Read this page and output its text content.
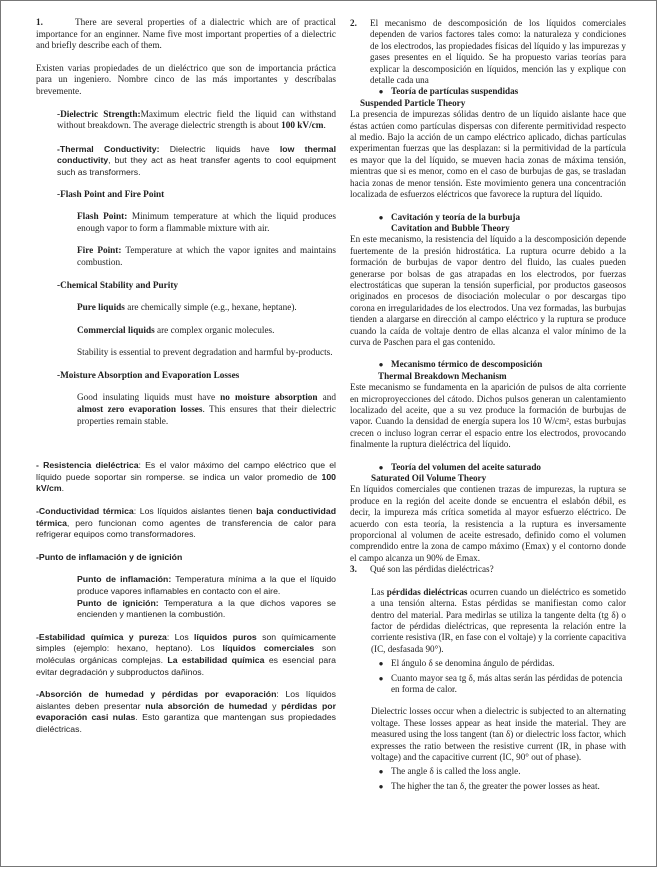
1.	There are several properties of a dialectric which are of practical importance for an enginner. Name five most important properties of a dielectric and briefly describe each of them.

Existen varias propiedades de un dieléctrico que son de importancia práctica para un ingeniero. Nombre cinco de las más importantes y descríbalas brevemente.

-Dielectric Strength:Maximum electric field the liquid can withstand without breakdown. The average dielectric strength is about 100 kV/cm.

-Thermal Conductivity: Dielectric liquids have low thermal conductivity, but they act as heat transfer agents to cool equipment such as transformers.

-Flash Point and Fire Point

Flash Point: Minimum temperature at which the liquid produces enough vapor to form a flammable mixture with air.

Fire Point: Temperature at which the vapor ignites and maintains combustion.

-Chemical Stability and Purity

Pure liquids are chemically simple (e.g., hexane, heptane).

Commercial liquids are complex organic molecules.

Stability is essential to prevent degradation and harmful by-products.

-Moisture Absorption and Evaporation Losses

Good insulating liquids must have no moisture absorption and almost zero evaporation losses. This ensures that their dielectric properties remain stable.

- Resistencia dieléctrica: Es el valor máximo del campo eléctrico que el líquido puede soportar sin romperse. se indica un valor promedio de 100 kV/cm.

-Conductividad térmica: Los líquidos aislantes tienen baja conductividad térmica, pero funcionan como agentes de transferencia de calor para refrigerar equipos como transformadores.

-Punto de inflamación y de ignición

Punto de inflamación: Temperatura mínima a la que el líquido produce vapores inflamables en contacto con el aire.

Punto de ignición: Temperatura a la que dichos vapores se encienden y mantienen la combustión.

-Estabilidad química y pureza: Los líquidos puros son químicamente simples (ejemplo: hexano, heptano). Los líquidos comerciales son moléculas orgánicas complejas. La estabilidad química es esencial para evitar degradación y subproductos dañinos.

-Absorción de humedad y pérdidas por evaporación: Los líquidos aislantes deben presentar nula absorción de humedad y pérdidas por evaporación casi nulas. Esto garantiza que mantengan sus propiedades dieléctricas.

2.	El mecanismo de descomposición de los líquidos comerciales dependen de varios factores tales como: la naturaleza y condiciones de los electrodos, las propiedades físicas del líquido y las impurezas y gases presentes en el líquido. Se ha propuesto varias teorías para explicar la descomposición en líquidos, mención las y explique con detalle cada una

● Teoría de partículas suspendidas

Suspended Particle Theory

La presencia de impurezas sólidas dentro de un líquido aislante hace que éstas actúen como partículas dispersas con diferente permitividad respecto al medio. Bajo la acción de un campo eléctrico aplicado, dichas partículas experimentan fuerzas que las desplazan: si la permitividad de la partícula es mayor que la del líquido, se mueven hacia zonas de máxima tensión, mientras que si es menor, como en el caso de burbujas de gas, se trasladan hacia zonas de menor tensión. Este movimiento genera una concentración localizada de esfuerzos eléctricos que favorece la ruptura del líquido.

● Cavitación y teoría de la burbuja

Cavitation and Bubble Theory

En este mecanismo, la resistencia del líquido a la descomposición depende fuertemente de la presión hidrostática. La ruptura ocurre debido a la formación de burbujas de vapor dentro del fluido, las cuales pueden generarse por bolsas de gas atrapadas en los electrodos, por fuerzas electrostáticas que superan la tensión superficial, por productos gaseosos originados en procesos de disociación molecular o por descargas tipo corona en irregularidades de los electrodos. Una vez formadas, las burbujas tienden a alargarse en dirección al campo eléctrico y la ruptura se produce cuando la caída de voltaje dentro de ellas alcanza el valor mínimo de la curva de Paschen para el gas contenido.

● Mecanismo térmico de descomposición

Thermal Breakdown Mechanism

Este mecanismo se fundamenta en la aparición de pulsos de alta corriente en microproyecciones del cátodo. Dichos pulsos generan un calentamiento localizado del aceite, que a su vez produce la formación de burbujas de vapor. Cuando la densidad de energía supera los 10 W/cm², estas burbujas crecen o incluso logran cerrar el espacio entre los electrodos, provocando finalmente la ruptura dieléctrica del líquido.

● Teoría del volumen del aceite saturado

Saturated Oil Volume Theory

En líquidos comerciales que contienen trazas de impurezas, la ruptura se produce en la región del aceite donde se encuentra el eslabón débil, es decir, la impureza más crítica sometida al mayor esfuerzo eléctrico. De acuerdo con esta teoría, la resistencia a la ruptura es inversamente proporcional al volumen de aceite estresado, definido como el volumen comprendido entre la zona de campo máximo (Emax) y el contorno donde el campo alcanza un 90% de Emax.

3.	Qué son las pérdidas dieléctricas?

Las pérdidas dieléctricas ocurren cuando un dieléctrico es sometido a una tensión alterna. Estas pérdidas se manifiestan como calor dentro del material. Para medirlas se utiliza la tangente delta (tg δ) o factor de pérdidas dieléctricas, que representa la relación entre la corriente resistiva (IR, en fase con el voltaje) y la corriente capacitiva (IC, desfasada 90°).

● El ángulo δ se denomina ángulo de pérdidas.
● Cuanto mayor sea tg δ, más altas serán las pérdidas de potencia en forma de calor.

Dielectric losses occur when a dielectric is subjected to an alternating voltage. These losses appear as heat inside the material. They are measured using the loss tangent (tan δ) or dielectric loss factor, which expresses the ratio between the resistive current (IR, in phase with voltage) and the capacitive current (IC, 90° out of phase).

● The angle δ is called the loss angle.
● The higher the tan δ, the greater the power losses as heat.
